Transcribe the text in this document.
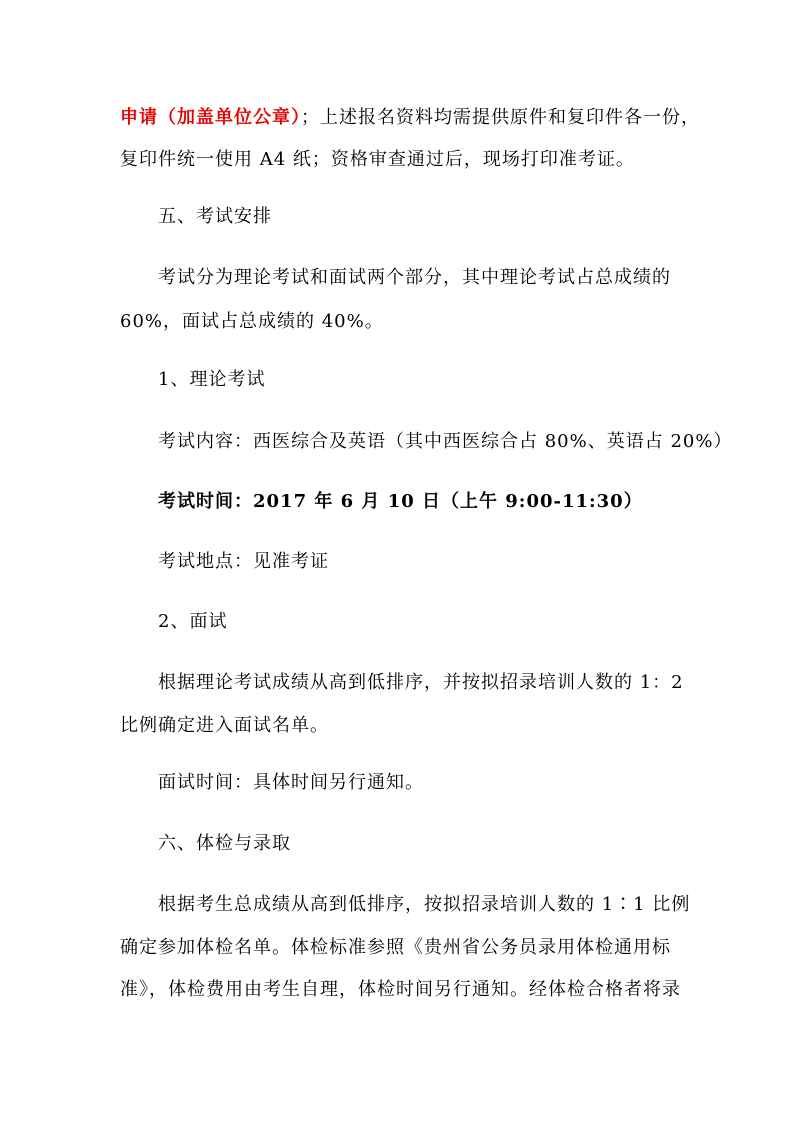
申请（加盖单位公章）；上述报名资料均需提供原件和复印件各一份，
复印件统一使用 A4 纸；资格审查通过后，现场打印准考证。
五、考试安排
考试分为理论考试和面试两个部分，其中理论考试占总成绩的
60%，面试占总成绩的 40%。
1、理论考试
考试内容：西医综合及英语（其中西医综合占 80%、英语占 20%）
考试时间：2017 年 6 月 10 日（上午 9:00-11:30）
考试地点：见准考证
2、面试
根据理论考试成绩从高到低排序，并按拟招录培训人数的 1：2
比例确定进入面试名单。
面试时间：具体时间另行通知。
六、体检与录取
根据考生总成绩从高到低排序，按拟招录培训人数的 1∶1 比例
确定参加体检名单。体检标准参照《贵州省公务员录用体检通用标
准》，体检费用由考生自理，体检时间另行通知。经体检合格者将录
